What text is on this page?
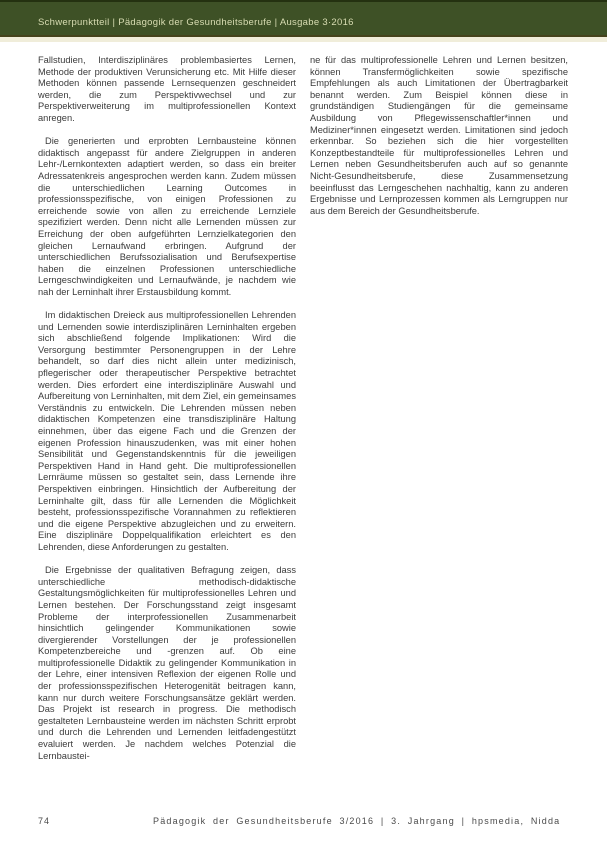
Schwerpunktteil | Pädagogik der Gesundheitsberufe | Ausgabe 3·2016

Fallstudien, Interdisziplinäres problembasiertes Lernen, Methode der produktiven Verunsicherung etc. Mit Hilfe dieser Methoden können passende Lernsequenzen geschneidert werden, die zum Perspektivwechsel und zur Perspektiverweiterung im multiprofessionellen Kontext anregen.

Die generierten und erprobten Lernbausteine können didaktisch angepasst für andere Zielgruppen in anderen Lehr-/Lernkontexten adaptiert werden, so dass ein breiter Adressatenkreis angesprochen werden kann. Zudem müssen die unterschiedlichen Learning Outcomes in professionsspezifische, von einigen Professionen zu erreichende sowie von allen zu erreichende Lernziele spezifiziert werden. Denn nicht alle Lernenden müssen zur Erreichung der oben aufgeführten Lernzielkategorien den gleichen Lernaufwand erbringen. Aufgrund der unterschiedlichen Berufssozialisation und Berufsexpertise haben die einzelnen Professionen unterschiedliche Lerngeschwindigkeiten und Lernaufwände, je nachdem wie nah der Lerninhalt ihrer Erstausbildung kommt.

Im didaktischen Dreieck aus multiprofessionellen Lehrenden und Lernenden sowie interdisziplinären Lerninhalten ergeben sich abschließend folgende Implikationen: Wird die Versorgung bestimmter Personengruppen in der Lehre behandelt, so darf dies nicht allein unter medizinisch, pflegerischer oder therapeutischer Perspektive betrachtet werden. Dies erfordert eine interdisziplinäre Auswahl und Aufbereitung von Lerninhalten, mit dem Ziel, ein gemeinsames Verständnis zu entwickeln. Die Lehrenden müssen neben didaktischen Kompetenzen eine transdisziplinäre Haltung einnehmen, über das eigene Fach und die Grenzen der eigenen Profession hinauszudenken, was mit einer hohen Sensibilität und Gegenstandskenntnis für die jeweiligen Perspektiven Hand in Hand geht. Die multiprofessionellen Lernräume müssen so gestaltet sein, dass Lernende ihre Perspektiven einbringen. Hinsichtlich der Aufbereitung der Lerninhalte gilt, dass für alle Lernenden die Möglichkeit besteht, professionsspezifische Vorannahmen zu reflektieren und die eigene Perspektive abzugleichen und zu erweitern. Eine disziplinäre Doppelqualifikation erleichtert es den Lehrenden, diese Anforderungen zu gestalten.

Die Ergebnisse der qualitativen Befragung zeigen, dass unterschiedliche methodisch-didaktische Gestaltungsmöglichkeiten für multiprofessionelles Lehren und Lernen bestehen. Der Forschungsstand zeigt insgesamt Probleme der interprofessionellen Zusammenarbeit hinsichtlich gelingender Kommunikationen sowie divergierender Vorstellungen der je professionellen Kompetenzbereiche und -grenzen auf. Ob eine multiprofessionelle Didaktik zu gelingender Kommunikation in der Lehre, einer intensiven Reflexion der eigenen Rolle und der professionsspezifischen Heterogenität beitragen kann, kann nur durch weitere Forschungsansätze geklärt werden. Das Projekt ist research in progress. Die methodisch gestalteten Lernbausteine werden im nächsten Schritt erprobt und durch die Lehrenden und Lernenden leitfadengestützt evaluiert werden. Je nachdem welches Potenzial die Lernbaustei-

ne für das multiprofessionelle Lehren und Lernen besitzen, können Transfermöglichkeiten sowie spezifische Empfehlungen als auch Limitationen der Übertragbarkeit benannt werden. Zum Beispiel können diese in grundständigen Studiengängen für die gemeinsame Ausbildung von Pflegewissenschaftler*innen und Mediziner*innen eingesetzt werden. Limitationen sind jedoch erkennbar. So beziehen sich die hier vorgestellten Konzeptbestandteile für multiprofessionelles Lehren und Lernen neben Gesundheitsberufen auch auf so genannte Nicht-Gesundheitsberufe, diese Zusammensetzung beeinflusst das Lerngeschehen nachhaltig, kann zu anderen Ergebnisse und Lernprozessen kommen als Lerngruppen nur aus dem Bereich der Gesundheitsberufe.

74	Pädagogik der Gesundheitsberufe 3/2016 | 3. Jahrgang | hpsmedia, Nidda
